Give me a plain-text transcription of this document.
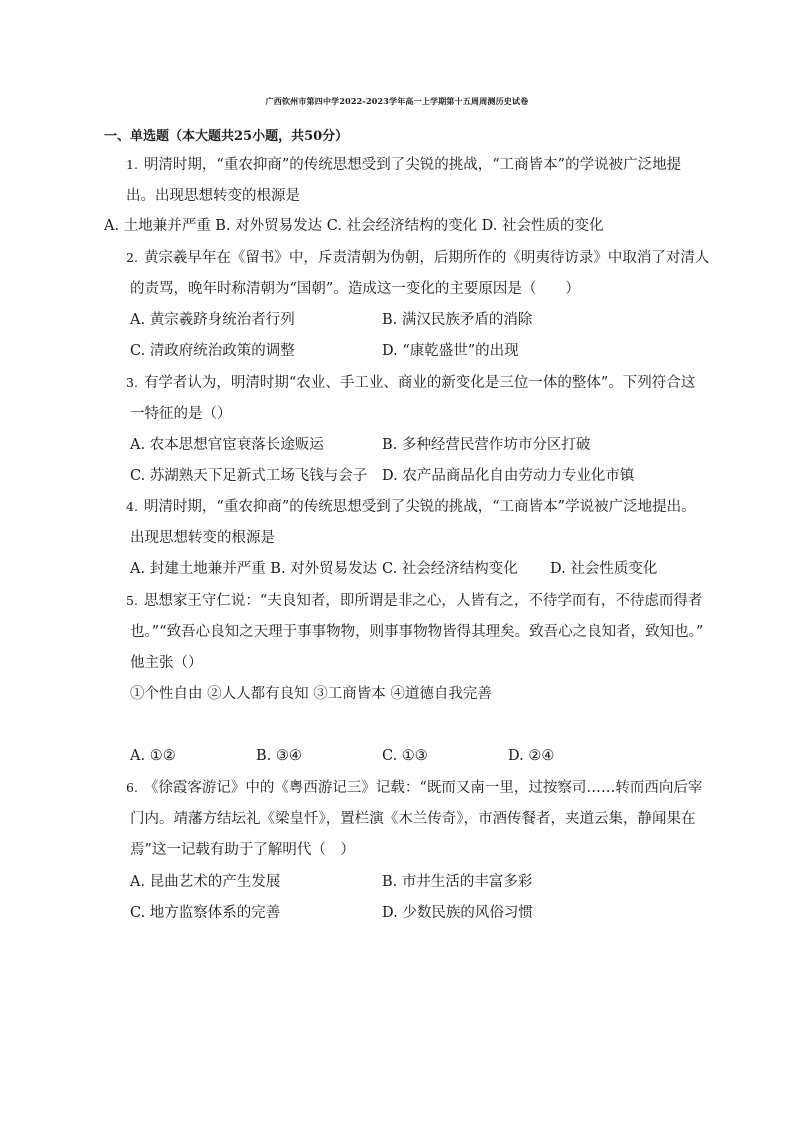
广西钦州市第四中学2022-2023学年高一上学期第十五周周测历史试卷
一、单选题（本大题共25小题，共50分）
1. 明清时期，“重农抑商”的传统思想受到了尖锐的挑战，“工商皆本”的学说被广泛地提
出。出现思想转变的根源是
A. 土地兼并严重 B. 对外贸易发达 C. 社会经济结构的变化 D. 社会性质的变化
2. 黄宗羲早年在《留书》中，斥责清朝为伪朝，后期所作的《明夷待访录》中取消了对清人
的责骂，晚年时称清朝为“国朝”。造成这一变化的主要原因是（　　）
A. 黄宗羲跻身统治者行列	B. 满汉民族矛盾的消除
C. 清政府统治政策的调整	D. “康乾盛世”的出现
3. 有学者认为，明清时期“农业、手工业、商业的新变化是三位一体的整体”。下列符合这
一特征的是（）
A. 农本思想官宦衰落长途贩运	B. 多种经营民营作坊市分区打破
C. 苏湖熟天下足新式工场飞钱与会子 D. 农产品商品化自由劳动力专业化市镇
4. 明清时期，“重农抑商”的传统思想受到了尖锐的挑战，“工商皆本”学说被广泛地提出。
出现思想转变的根源是
A. 封建土地兼并严重 B. 对外贸易发达 C. 社会经济结构变化 D. 社会性质变化
5. 思想家王守仁说：“夫良知者，即所谓是非之心，人皆有之，不待学而有，不待虑而得者
也。”“致吾心良知之天理于事事物物，则事事物物皆得其理矣。致吾心之良知者，致知也。”
他主张（）
①个性自由 ②人人都有良知 ③工商皆本 ④道德自我完善
A. ①②	B. ③④	C. ①③	D. ②④
6. 《徐霞客游记》中的《粤西游记三》记载：“既而又南一里，过按察司……转而西向后宰
门内。靖藩方结坛礼《梁皇忏》，置栏演《木兰传奇》，市酒传餐者，夹道云集，静闻果在
焉”这一记载有助于了解明代（　）
A. 昆曲艺术的产生发展	B. 市井生活的丰富多彩
C. 地方监察体系的完善	D. 少数民族的风俗习惯
